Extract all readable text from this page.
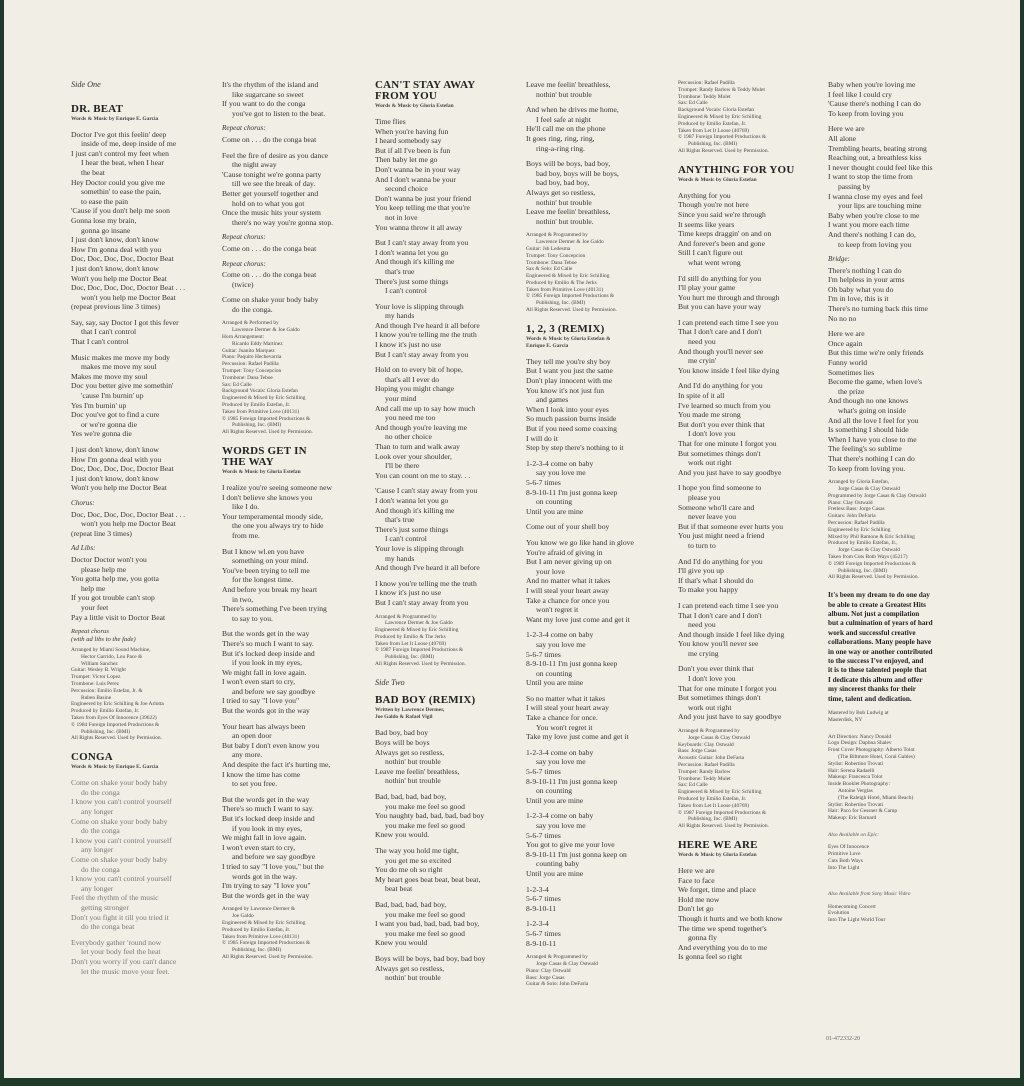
Side One
DR. BEAT
Words & Music by Enrique E. Garcia
Doctor I've got this feelin' deep
inside of me, deep inside of me
I just can't control my feet when
I hear the beat, when I hear
the beat
Hey Doctor could you give me
somethin' to ease the pain,
to ease the pain
'Cause if you don't help me soon
Gonna lose my brain,
gonna go insane
I just don't know, don't know
How I'm gonna deal with you
Doc, Doc, Doc, Doc, Doctor Beat
I just don't know, don't know
Won't you help me Doctor Beat
Doc, Doc, Doc, Doc, Doctor Beat . . .
won't you help me Doctor Beat
(repeat previous line 3 times)
Say, say, say Doctor I got this fever
that I can't control
That I can't control
Music makes me move my body
makes me move my soul
Makes me move my soul
Doc you better give me somethin'
'cause I'm burnin' up
Yes I'm burnin' up
Doc you've got to find a cure
or we're gonna die
Yes we're gonna die
I just don't know, don't know
How I'm gonna deal with you
Doc, Doc, Doc, Doc, Doctor Beat
I just don't know, don't know
Won't you help me Doctor Beat
Chorus:
Doc, Doc, Doc, Doc, Doctor Beat . . .
won't you help me Doctor Beat
(repeat line 3 times)
Ad Libs:
Doctor Doctor won't you
please help me
You gotta help me, you gotta
help me
If you got trouble can't stop
your feet
Pay a little visit to Doctor Beat
Repeat chorus
(with ad libs to the fade)
Arranged by Miami Sound Machine,
Hector Garrido, Lou Pace &
William Sanchez
Guitar: Wesley B. Wright
Trumpet: Victor Lopez
Trombone: Luis Perez
Percussion: Emilio Estefan, Jr. &
Ruben Basine
Engineered by Eric Schilling & Joe Arlotta
Produced by Emilio Estefan, Jr.
Taken from Eyes Of Innocence (39622)
© 1984 Foreign Imported Productions &
Publishing, Inc. (BMI)
All Rights Reserved. Used by Permission.
CONGA
Words & Music by Enrique E. Garcia
Come on shake your body baby
do the conga
I know you can't control yourself
any longer
Come on shake your body baby
do the conga
I know you can't control yourself
any longer
Come on shake your body baby
do the conga
I know you can't control yourself
any longer
Feel the rhythm of the music
getting stronger
Don't you fight it till you tried it
do the conga beat
Everybody gather 'round now
let your body feel the heat
Don't you worry if you can't dance
let the music move your feet.
It's the rhythm of the island and
like sugarcane so sweet
If you want to do the conga
you've got to listen to the beat.
Repeat chorus:
Come on . . . do the conga beat
Feel the fire of desire as you dance
the night away
'Cause tonight we're gonna party
till we see the break of day.
Better get yourself together and
hold on to what you got
Once the music hits your system
there's no way you're gonna stop.
Repeat chorus:
Come on . . . do the conga beat
Repeat chorus:
Come on . . . do the conga beat
(twice)
Come on shake your body baby
do the conga.
Arranged & Performed by
Lawrence Dermer & Joe Galdo
Horn Arrangement:
Ricardo Eddy Martinez
Guitar: Juanito Marquez
Piano: Paquito Hechevarria
Percussion: Rafael Padilla
Trumpet: Tony Concepcion
Trombone: Dana Teboe
Sax: Ed Calle
Background Vocals: Gloria Estefan
Engineered & Mixed by Eric Schilling
Produced by Emilio Estefan, Jr.
Taken from Primitive Love (40131)
© 1985 Foreign Imported Productions &
Publishing, Inc. (BMI)
All Rights Reserved. Used by Permission.
WORDS GET IN
THE WAY
Words & Music by Gloria Estefan
I realize you're seeing someone new
I don't believe she knows you
like I do.
Your temperamental moody side,
the one you always try to hide
from me.
But I know wl.en you have
something on your mind.
You've been trying to tell me
for the longest time.
And before you break my heart
in two,
There's something I've been trying
to say to you.
But the words get in the way
There's so much I want to say.
But it's locked deep inside and
if you look in my eyes,
We might fall in love again.
I won't even start to cry,
and before we say goodbye
I tried to say "I love you"
But the words got in the way
Your heart has always been
an open door
But baby I don't even know you
any more.
And despite the fact it's hurting me,
I know the time has come
to set you free.
But the words get in the way
There's so much I want to say.
But it's locked deep inside and
if you look in my eyes,
We might fall in love again.
I won't even start to cry,
and before we say goodbye
I tried to say "I love you," but the
words got in the way.
I'm trying to say "I love you"
But the words get in the way
Arranged by Lawrence Dermer &
Joe Galdo
Engineered & Mixed by Eric Schilling
Produced by Emilio Estefan, Jr.
Taken from Primitive Love (40131)
© 1985 Foreign Imported Productions &
Publishing, Inc. (BMI)
All Rights Reserved. Used by Permission.
CAN'T STAY AWAY
FROM YOU
Words & Music by Gloria Estefan
Time flies
When you're having fun
I heard somebody say
But if all I've been is fun
Then baby let me go
Don't wanna be in your way
And I don't wanna be your
second choice
Don't wanna be just your friend
You keep telling me that you're
not in love
You wanna throw it all away
But I can't stay away from you
I don't wanna let you go
And though it's killing me
that's true
There's just some things
I can't control
Your love is slipping through
my hands
And though I've heard it all before
I know you're telling me the truth
I know it's just no use
But I can't stay away from you
Hold on to every bit of hope,
that's all I ever do
Hoping you might change
your mind
And call me up to say how much
you need me too
And though you're leaving me
no other choice
Than to turn and walk away
Look over your shoulder,
I'll be there
You can count on me to stay. . .
'Cause I can't stay away from you
I don't wanna let you go
And though it's killing me
that's true
There's just some things
I can't control
Your love is slipping through
my hands
And though I've heard it all before
I know you're telling me the truth
I know it's just no use
But I can't stay away from you
Arranged & Programmed by
Lawrence Dermer & Joe Galdo
Engineered & Mixed by Eric Schilling
Produced by Emilio & The Jerks
Taken from Let It Loose (40769)
© 1987 Foreign Imported Productions &
Publishing, Inc. (BMI)
All Rights Reserved. Used by Permission.
Side Two
BAD BOY (REMIX)
Written by Lawrence Dermer,
Joe Galdo & Rafael Vigil
Bad boy, bad boy
Boys will be boys
Always get so restless,
nothin' but trouble
Leave me feelin' breathless,
nothin' but trouble
Bad, bad, bad, bad boy,
you make me feel so good
You naughty bad, bad, bad, bad boy
you make me feel so good
Knew you would.
The way you hold me tight,
you get me so excited
You do me oh so right
My heart goes beat beat, beat beat,
beat beat
Bad, bad, bad, bad boy,
you make me feel so good
I want you bad, bad, bad, bad boy,
you make me feel so good
Knew you would
Boys will be boys, bad boy, bad boy
Always get so restless,
nothin' but trouble
Leave me feelin' breathless,
nothin' but trouble
And when he drives me home,
I feel safe at night
He'll call me on the phone
It goes ring, ring, ring,
ring-a-ring ring.
Boys will be boys, bad boy,
bad boy, boys will be boys,
bad boy, bad boy,
Always get so restless,
nothin' but trouble
Leave me feelin' breathless,
nothin' but trouble.
Arranged & Programmed by
Lawrence Dermer & Joe Galdo
Guitar: Jsh Ledesma
Trumpet: Tony Concepcion
Trombone: Dana Teboe
Sax & Solo: Ed Calle
Engineered & Mixed by Eric Schilling
Produced by Emilio & The Jerks
Taken from Primitive Love (40131)
© 1985 Foreign Imported Productions &
Publishing, Inc. (BMI)
All Rights Reserved. Used by Permission.
1, 2, 3 (REMIX)
Words & Music by Gloria Estefan &
Enrique E. Garcia
They tell me you're shy boy
But I want you just the same
Don't play innocent with me
You know it's not just fun
and games
When I look into your eyes
So much passion burns inside
But if you need some coaxing
I will do it
Step by step there's nothing to it
1-2-3-4 come on baby
say you love me
5-6-7 times
8-9-10-11 I'm just gonna keep
on counting
Until you are mine
Come out of your shell boy
You know we go like hand in glove
You're afraid of giving in
But I am never giving up on
your love
And no matter what it takes
I will steal your heart away
Take a chance for once you
won't regret it
Want my love just come and get it
1-2-3-4 come on baby
say you love me
5-6-7 times
8-9-10-11 I'm just gonna keep
on counting
Until you are mine
So no matter what it takes
I will steal your heart away
Take a chance for once.
You won't regret it
Take my love just come and get it
1-2-3-4 come on baby
say you love me
5-6-7 times
8-9-10-11 I'm just gonna keep
on counting
Until you are mine
1-2-3-4 come on baby
say you love me
5-6-7 times
You got to give me your love
8-9-10-11 I'm just gonna keep on
counting baby
Until you are mine
1-2-3-4
5-6-7 times
8-9-10-11
1-2-3-4
5-6-7 times
8-9-10-11
Arranged & Programmed by
Jorge Casas & Clay Ostwald
Piano: Clay Ostwald
Bass: Jorge Casas
Guitar & Solo: John DeFaria
Percussion: Rafael Padilla
Trumpet: Randy Barlow & Teddy Mulet
Trombone: Teddy Mulet
Sax: Ed Calle
Background Vocals: Gloria Estefan
Engineered & Mixed by Eric Schilling
Produced by Emilio Estefan, Jr.
Taken from Let It Loose (40769)
© 1987 Foreign Imported Productions &
Publishing, Inc. (BMI)
All Rights Reserved. Used by Permission.
ANYTHING FOR YOU
Words & Music by Gloria Estefan
Anything for you
Though you're not here
Since you said we're through
It seems like years
Time keeps draggin' on and on
And forever's been and gone
Still I can't figure out
what went wrong
I'd still do anything for you
I'll play your game
You hurt me through and through
But you can have your way
I can pretend each time I see you
That I don't care and I don't
need you
And though you'll never see
me cryin'
You know inside I feel like dying
And I'd do anything for you
In spite of it all
I've learned so much from you
You made me strong
But don't you ever think that
I don't love you
That for one minute I forgot you
But sometimes things don't
work out right
And you just have to say goodbye
I hope you find someone to
please you
Someone who'll care and
never leave you
But if that someone ever hurts you
You just might need a friend
to turn to
And I'd do anything for you
I'll give you up
If that's what I should do
To make you happy
I can pretend each time I see you
That I don't care and I don't
need you
And though inside I feel like dying
You know you'll never see
me crying
Don't you ever think that
I don't love you
That for one minute I forgot you
But sometimes things don't
work out right
And you just have to say goodbye
Arranged & Programmed by
Jorge Casas & Clay Ostwald
Keyboards: Clay Ostwald
Bass: Jorge Casas
Acoustic Guitar: John DeFaria
Percussion: Rafael Padilla
Trumpet: Randy Barlow
Trombone: Teddy Mulet
Sax: Ed Calle
Engineered & Mixed by Eric Schilling
Produced by Emilio Estefan, Jr.
Taken from Let It Loose (40769)
© 1987 Foreign Imported Productions &
Publishing, Inc. (BMI)
All Rights Reserved. Used by Permission.
HERE WE ARE
Words & Music by Gloria Estefan
Here we are
Face to face
We forget, time and place
Hold me now
Don't let go
Though it hurts and we both know
The time we spend together's
gonna fly
And everything you do to me
Is gonna feel so right
Baby when you're loving me
I feel like I could cry
'Cause there's nothing I can do
To keep from loving you
Here we are
All alone
Trembling hearts, beating strong
Reaching out, a breathless kiss
I never thought could feel like this
I want to stop the time from
passing by
I wanna close my eyes and feel
your lips are touching mine
Baby when you're close to me
I want you more each time
And there's nothing I can do,
to keep from loving you
Bridge:
There's nothing I can do
I'm helpless in your arms
Oh baby what you do
I'm in love, this is it
There's no turning back this time
No no no
Here we are
Once again
But this time we're only friends
Funny world
Sometimes lies
Become the game, when love's
the prize
And though no one knows
what's going on inside
And all the love I feel for you
Is something I should hide
When I have you close to me
The feeling's so sublime
That there's nothing I can do
To keep from loving you.
Arranged by Gloria Estefan,
Jorge Casas & Clay Ostwald
Programmed by Jorge Casas & Clay Ostwald
Piano: Clay Ostwald
Fretless Bass: Jorge Casas
Guitars: John DeFaria
Percussion: Rafael Padilla
Engineered by Eric Schilling
Mixed by Phil Ramone & Eric Schilling
Produced by Emilio Estefan, Jr.,
Jorge Casas & Clay Ostwald
Taken from Cuts Both Ways (45217)
© 1989 Foreign Imported Productions &
Publishing, Inc. (BMI)
All Rights Reserved. Used by Permission.
It's been my dream to do one day
be able to create a Greatest Hits
album. Not just a compilation
but a culmination of years of hard
work and successful creative
collaborations. Many people have
in one way or another contributed
to the success I've enjoyed, and
it is to these talented people that
I dedicate this album and offer
my sincerest thanks for their
time, talent and dedication.
Mastered by Bob Ludwig at
Masterdisk, NY
Art Direction: Nancy Donald
Logo Design: Daphna Shalev
Front Cover Photography: Alberto Tolot
(The Biltmore Hotel, Coral Gables)
Stylist: Robertino Trovati
Hair: Serena Radaelli
Makeup: Francesca Tolot
Inside Booklet Photography:
Antoine Verglas
(The Raleigh Hotel, Miami Beach)
Stylist: Robertino Trovati
Hair: Paco for Gessner & Camp
Makeup: Eric Barnard
Also Available on Epic:
Eyes Of Innocence
Primitive Love
Cuts Both Ways
Into The Light
Also Available from Sony Music Video
Homecoming Concert
Evolution
Into The Light World Tour
01-472332-20
